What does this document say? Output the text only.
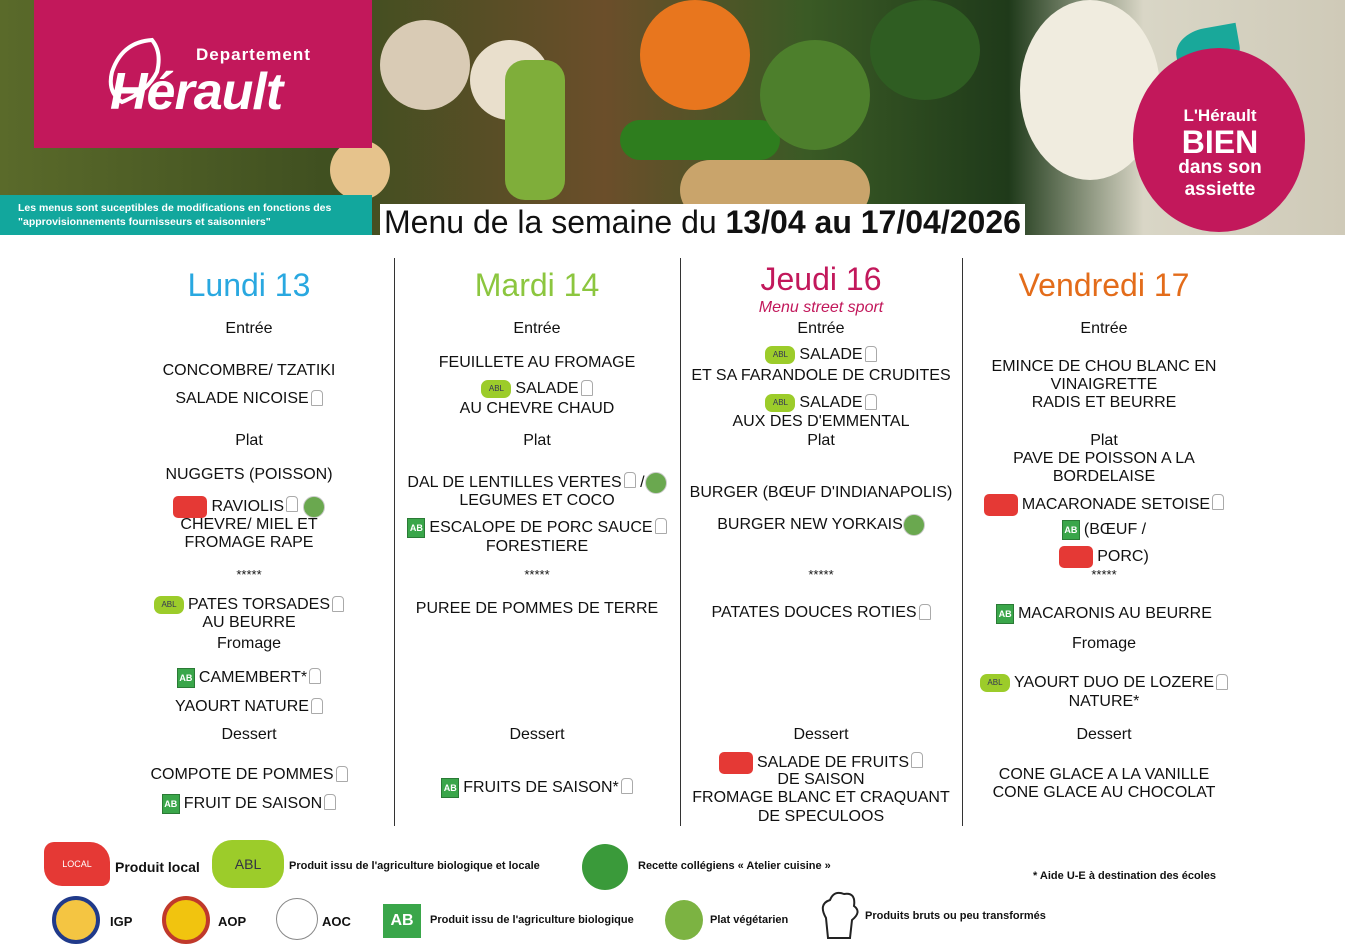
Departement
Hérault
Les menus sont suceptibles de modifications en fonctions des "approvisionnements fournisseurs et saisonniers"
L'Hérault
BIEN
dans son
assiette
Menu de la semaine du 13/04 au 17/04/2026
Lundi 13
Entrée
CONCOMBRE/ TZATIKI
SALADE NICOISE
Plat
NUGGETS (POISSON)
RAVIOLIS
CHEVRE/ MIEL ET
FROMAGE RAPE
*****
ABL PATES TORSADES
AU BEURRE
Fromage
AB CAMEMBERT*
YAOURT NATURE
Dessert
COMPOTE DE POMMES
AB FRUIT DE SAISON
Mardi 14
Entrée
FEUILLETE AU FROMAGE
ABL SALADE
AU CHEVRE CHAUD
Plat
DAL DE LENTILLES VERTES /
LEGUMES ET COCO
AB ESCALOPE DE PORC SAUCE
FORESTIERE
*****
PUREE DE POMMES DE TERRE
Dessert
AB FRUITS DE SAISON*
Jeudi 16
Menu street sport
Entrée
ABL SALADE
ET SA FARANDOLE DE CRUDITES
ABL SALADE
AUX DES D'EMMENTAL
Plat
BURGER (BŒUF D'INDIANAPOLIS)
BURGER NEW YORKAIS
*****
PATATES DOUCES ROTIES
Dessert
SALADE DE FRUITS
DE SAISON
FROMAGE BLANC ET CRAQUANT
DE SPECULOOS
Vendredi 17
Entrée
EMINCE DE CHOU BLANC EN
VINAIGRETTE
RADIS ET BEURRE
Plat
PAVE DE POISSON A LA
BORDELAISE
MACARONADE SETOISE
AB (BŒUF /
PORC)
*****
AB MACARONIS AU BEURRE
Fromage
ABL YAOURT DUO DE LOZERE
NATURE*
Dessert
CONE GLACE A LA VANILLE
CONE GLACE AU CHOCOLAT
LOCAL	Produit local	ABL	Produit issu de l'agriculture biologique et locale	Recette collégiens « Atelier cuisine »
* Aide U-E à destination des écoles
IGP	AOP	AOC	AB	Produit issu de l'agriculture biologique	Plat végétarien	Produits bruts ou peu transformés
